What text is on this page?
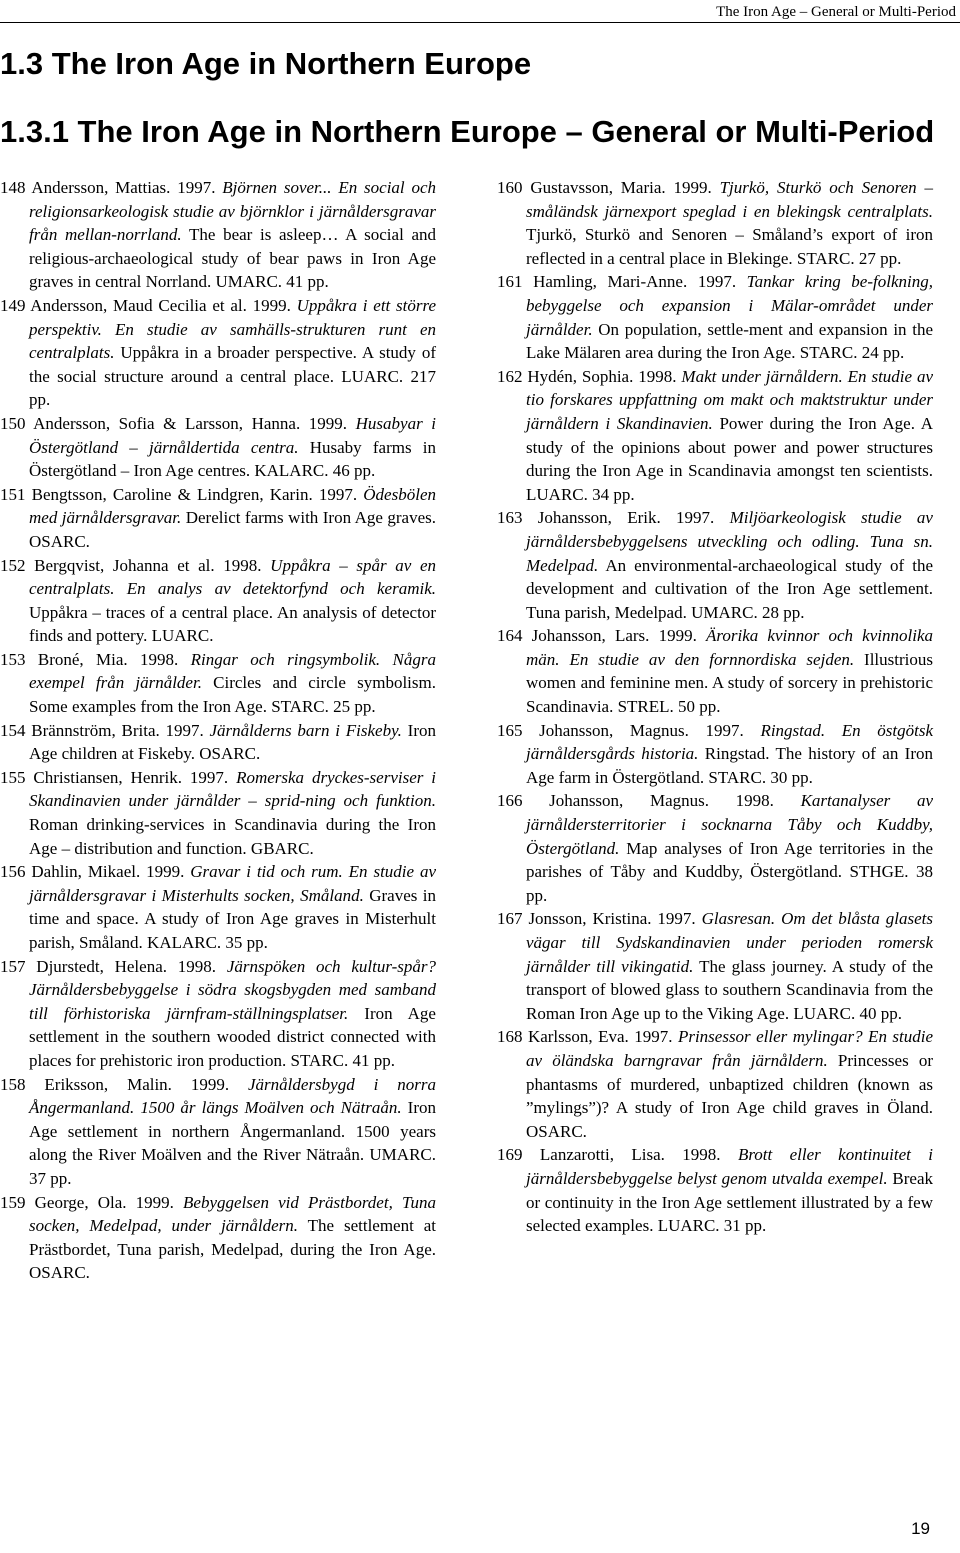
The Iron Age – General or Multi-Period
1.3 The Iron Age in Northern Europe
1.3.1 The Iron Age in Northern Europe – General or Multi-Period

148 Andersson, Mattias. 1997. Björnen sover... En social och religionsarkeologisk studie av björnklor i järnåldersgravar från mellan-norrland. The bear is asleep… A social and religious-archaeological study of bear paws in Iron Age graves in central Norrland. UMARC. 41 pp.

149 Andersson, Maud Cecilia et al. 1999. Uppåkra i ett större perspektiv. En studie av samhälls-strukturen runt en centralplats. Uppåkra in a broader perspective. A study of the social structure around a central place. LUARC. 217 pp.

150 Andersson, Sofia & Larsson, Hanna. 1999. Husabyar i Östergötland – järnåldertida centra. Husaby farms in Östergötland – Iron Age centres. KALARC. 46 pp.

151 Bengtsson, Caroline & Lindgren, Karin. 1997. Ödesbölen med järnåldersgravar. Derelict farms with Iron Age graves. OSARC.

152 Bergqvist, Johanna et al. 1998. Uppåkra – spår av en centralplats. En analys av detektorfynd och keramik. Uppåkra – traces of a central place. An analysis of detector finds and pottery. LUARC.

153 Broné, Mia. 1998. Ringar och ringsymbolik. Några exempel från järnålder. Circles and circle symbolism. Some examples from the Iron Age. STARC. 25 pp.

154 Brännström, Brita. 1997. Järnålderns barn i Fiskeby. Iron Age children at Fiskeby. OSARC.

155 Christiansen, Henrik. 1997. Romerska dryckes-serviser i Skandinavien under järnålder – sprid-ning och funktion. Roman drinking-services in Scandinavia during the Iron Age – distribution and function. GBARC.

156 Dahlin, Mikael. 1999. Gravar i tid och rum. En studie av järnåldersgravar i Misterhults socken, Småland. Graves in time and space. A study of Iron Age graves in Misterhult parish, Småland. KALARC. 35 pp.

157 Djurstedt, Helena. 1998. Järnspöken och kultur-spår? Järnåldersbebyggelse i södra skogsbygden med samband till förhistoriska järnfram-ställningsplatser. Iron Age settlement in the southern wooded district connected with places for prehistoric iron production. STARC. 41 pp.

158 Eriksson, Malin. 1999. Järnåldersbygd i norra Ångermanland. 1500 år längs Moälven och Nätraån. Iron Age settlement in northern Ångermanland. 1500 years along the River Moälven and the River Nätraån. UMARC. 37 pp.

159 George, Ola. 1999. Bebyggelsen vid Prästbordet, Tuna socken, Medelpad, under järnåldern. The settlement at Prästbordet, Tuna parish, Medelpad, during the Iron Age. OSARC.

160 Gustavsson, Maria. 1999. Tjurkö, Sturkö och Senoren – småländsk järnexport speglad i en blekingsk centralplats. Tjurkö, Sturkö and Senoren – Småland’s export of iron reflected in a central place in Blekinge. STARC. 27 pp.

161 Hamling, Mari-Anne. 1997. Tankar kring be-folkning, bebyggelse och expansion i Mälar-området under järnålder. On population, settle-ment and expansion in the Lake Mälaren area during the Iron Age. STARC. 24 pp.

162 Hydén, Sophia. 1998. Makt under järnåldern. En studie av tio forskares uppfattning om makt och maktstruktur under järnåldern i Skandinavien. Power during the Iron Age. A study of the opinions about power and power structures during the Iron Age in Scandinavia amongst ten scientists. LUARC. 34 pp.

163 Johansson, Erik. 1997. Miljöarkeologisk studie av järnåldersbebyggelsens utveckling och odling. Tuna sn. Medelpad. An environmental-archaeological study of the development and cultivation of the Iron Age settlement. Tuna parish, Medelpad. UMARC. 28 pp.

164 Johansson, Lars. 1999. Ärorika kvinnor och kvinnolika män. En studie av den fornnordiska sejden. Illustrious women and feminine men. A study of sorcery in prehistoric Scandinavia. STREL. 50 pp.

165 Johansson, Magnus. 1997. Ringstad. En östgötsk järnåldersgårds historia. Ringstad. The history of an Iron Age farm in Östergötland. STARC. 30 pp.

166 Johansson, Magnus. 1998. Kartanalyser av järnåldersterritorier i socknarna Tåby och Kuddby, Östergötland. Map analyses of Iron Age territories in the parishes of Tåby and Kuddby, Östergötland. STHGE. 38 pp.

167 Jonsson, Kristina. 1997. Glasresan. Om det blåsta glasets vägar till Sydskandinavien under perioden romersk järnålder till vikingatid. The glass journey. A study of the transport of blowed glass to southern Scandinavia from the Roman Iron Age up to the Viking Age. LUARC. 40 pp.

168 Karlsson, Eva. 1997. Prinsessor eller mylingar? En studie av öländska barngravar från järnåldern. Princesses or phantasms of murdered, unbaptized children (known as ”mylings”)? A study of Iron Age child graves in Öland. OSARC.

169 Lanzarotti, Lisa. 1998. Brott eller kontinuitet i järnåldersbebyggelse belyst genom utvalda exempel. Break or continuity in the Iron Age settlement illustrated by a few selected examples. LUARC. 31 pp.

19
